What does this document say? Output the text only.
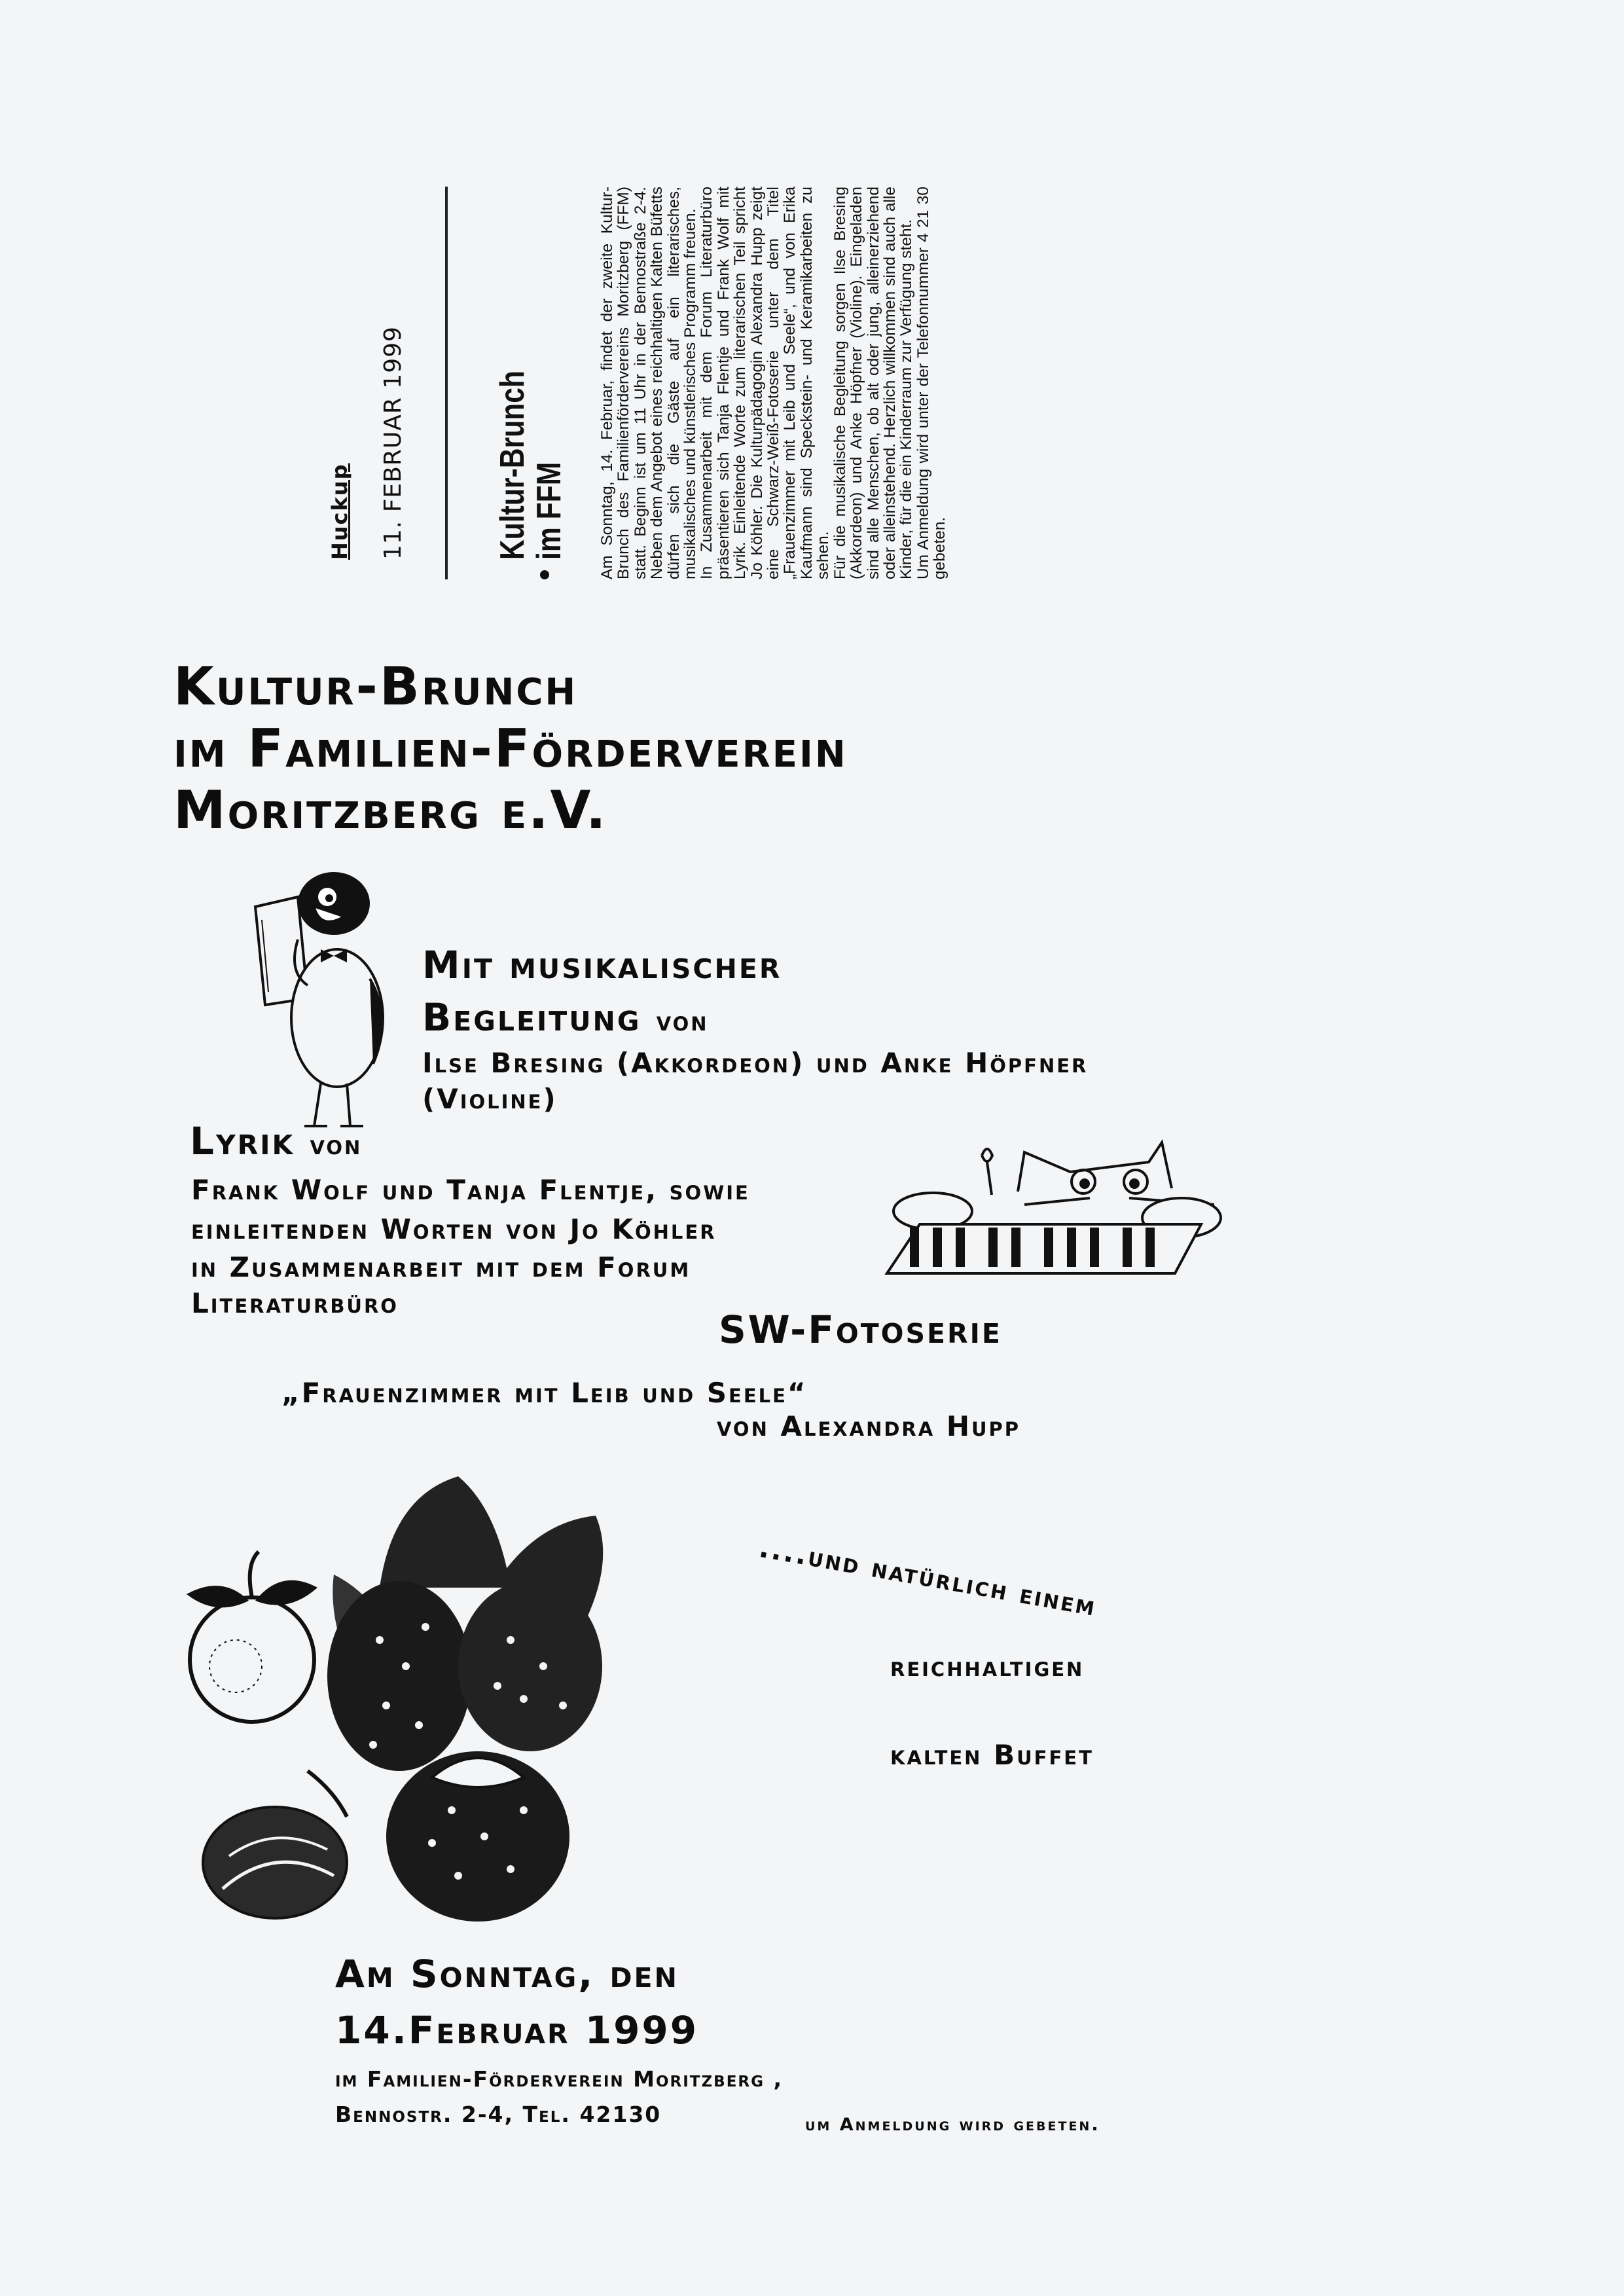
Huckup 11. FEBRUAR 1999	Kultur-Brunch
im FFM Am Sonntag, 14. Februar, findet der zweite Kultur-Brunch des Familienfördervereins Moritzberg (FFM) statt. Beginn ist um 11 Uhr in der Bennostraße 2-4. Neben dem Angebot eines reichhaltigen Kalten Büfetts dürfen sich die Gäste auf ein literarisches, musikalisches und künstlerisches Programm freuen.

In Zusammenarbeit mit dem Forum Literaturbüro präsentieren sich Tanja Flentje und Frank Wolf mit Lyrik. Einleitende Worte zum literarischen Teil spricht Jo Köhler. Die Kulturpädagogin Alexandra Hupp zeigt eine Schwarz-Weiß-Fotoserie unter dem Titel „Frauenzimmer mit Leib und Seele“, und von Erika Kaufmann sind Speckstein- und Keramikarbeiten zu sehen.

Für die musikalische Begleitung sorgen Ilse Bresing (Akkordeon) und Anke Höpfner (Violine). Eingeladen sind alle Menschen, ob alt oder jung, alleinerziehend oder alleinstehend. Herzlich willkommen sind auch alle Kinder, für die ein Kinderraum zur Verfügung steht.

Um Anmeldung wird unter der Telefonnummer 4 21 30 gebeten.

Kultur-Brunch
im Familien-Förderverein
Moritzberg e.V.
Mit musikalischer
Begleitung von
Ilse Bresing (Akkordeon) und Anke Höpfner
(Violine)
Lyrik von
Frank Wolf und Tanja Flentje, sowie
einleitenden Worten von Jo Köhler
in Zusammenarbeit mit dem Forum
Literaturbüro
SW-Fotoserie
„Frauenzimmer mit Leib und Seele“
von Alexandra Hupp
....und natürlich einem
reichhaltigen
kalten Buffet
Am Sonntag, den
14.Februar 1999
im Familien-Förderverein Moritzberg ,
Bennostr. 2-4, Tel. 42130	um Anmeldung wird gebeten.
